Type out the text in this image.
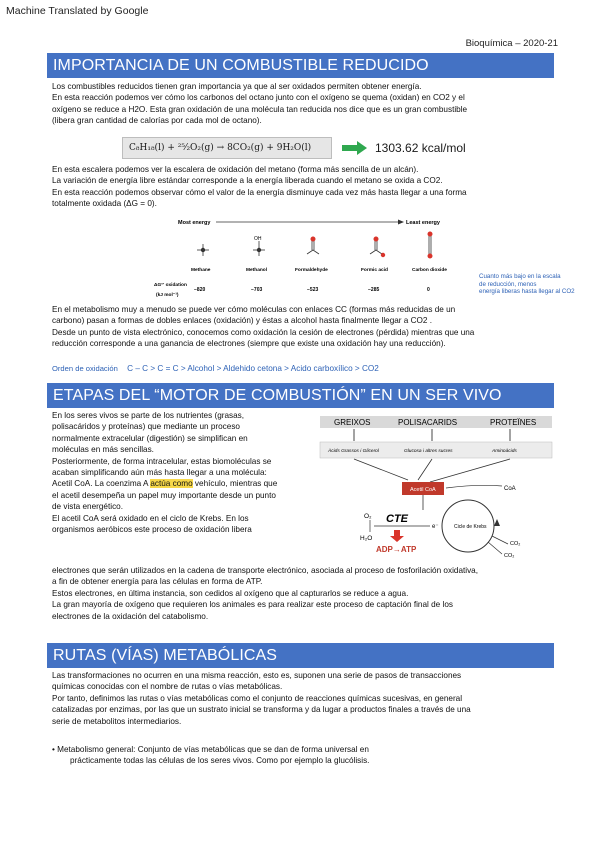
Machine Translated by Google
Bioquímica – 2020-21
IMPORTANCIA DE UN COMBUSTIBLE REDUCIDO

Los combustibles reducidos tienen gran importancia ya que al ser oxidados permiten obtener energía.

En esta reacción podemos ver cómo los carbonos del octano junto con el oxígeno se quema (oxidan) en CO2 y el

oxígeno se reduce a H2O. Esta gran oxidación de una molécula tan reducida nos dice que es un gran combustible

(libera gran cantidad de calorías por cada mol de octano).

C₈H₁₈(l) + ²⁵⁄₂O₂(g) → 8CO₂(g) + 9H₂O(l)	1303.62 kcal/mol

En esta escalera podemos ver la escalera de oxidación del metano (forma más sencilla de un alcán).

La variación de energía libre estándar corresponde a la energía liberada cuando el metano se oxida a CO2.

En esta reacción podemos observar cómo el valor de la energía disminuye cada vez más hasta llegar a una forma

totalmente oxidada (ΔG = 0).

Most energy	Least energy
OH
Methane	Methanol	Formaldehyde	Formic acid	Carbon dioxide
ΔG°' oxidation
(kJ mol⁻¹)
−820	−703	−523	−285	0
Cuanto más bajo en la escala
de reducción, menos
energía liberas hasta llegar al CO2

En el metabolismo muy a menudo se puede ver cómo moléculas con enlaces CC (formas más reducidas de un

carbono) pasan a formas de dobles enlaces (oxidación) y éstas a alcohol hasta finalmente llegar a CO2 .

Desde un punto de vista electrónico, conocemos como oxidación la cesión de electrones (pérdida) mientras que una

reducción corresponde a una ganancia de electrones (siempre que existe una oxidación hay una reducción).

Orden de oxidación C – C > C = C > Alcohol > Aldehido cetona > Acido carboxílico > CO2
ETAPAS DEL “MOTOR DE COMBUSTIÓN” EN UN SER VIVO

En los seres vivos se parte de los nutrientes (grasas,

polisacáridos y proteínas) que mediante un proceso

normalmente extracelular (digestión) se simplifican en

moléculas en más sencillas.

Posteriormente, de forma intracelular, estas biomoléculas se

acaban simplificando aún más hasta llegar a una molécula:

Acetil CoA. La coenzima A actúa como vehículo, mientras que

el acetil desempeña un papel muy importante desde un punto

de vista energético.

El acetil CoA será oxidado en el ciclo de Krebs. En los

organismos aeróbicos este proceso de oxidación libera

GREIXOS	POLISACARIDS	PROTEÏNES
Àcids Grassos i Glicerol	Glucosa i altres sucres	Aminoàcids
Acetil CoA	CoA
Cicle de Krebs
CTE
e⁻
O₂
H₂O
ADP→ATP
CO₂
CO₂

electrones que serán utilizados en la cadena de transporte electrónico, asociada al proceso de fosforilación oxidativa,

a fin de obtener energía para las células en forma de ATP.

Estos electrones, en última instancia, son cedidos al oxígeno que al capturarlos se reduce a agua.

La gran mayoría de oxígeno que requieren los animales es para realizar este proceso de captación final de los

electrones de la oxidación del catabolismo.

RUTAS (VÍAS) METABÓLICAS

Las transformaciones no ocurren en una misma reacción, esto es, suponen una serie de pasos de transacciones

químicas conocidas con el nombre de rutas o vías metabólicas.

Por tanto, definimos las rutas o vías metabólicas como el conjunto de reacciones químicas sucesivas, en general

catalizadas por enzimas, por las que un sustrato inicial se transforma y da lugar a productos finales a través de una

serie de metabolitos intermediarios.

• Metabolismo general: Conjunto de vías metabólicas que se dan de forma universal en

prácticamente todas las células de los seres vivos. Como por ejemplo la glucólisis.
